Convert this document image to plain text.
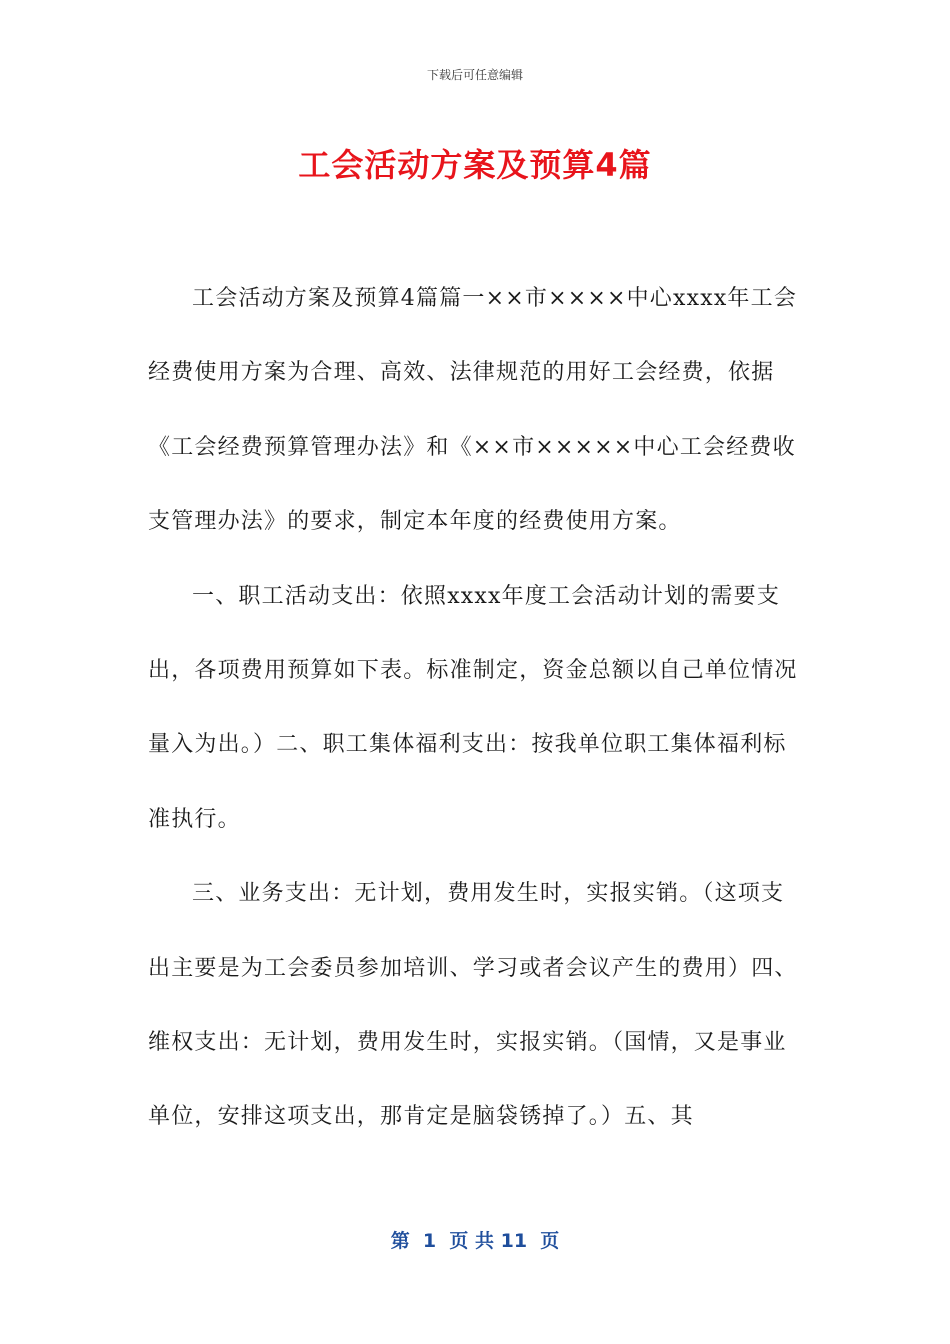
下载后可任意编辑
工会活动方案及预算4篇

工会活动方案及预算4篇篇一××市××××中心xxxx年工会经费使用方案为合理、高效、法律规范的用好工会经费，依据《工会经费预算管理办法》和《××市×××××中心工会经费收支管理办法》的要求，制定本年度的经费使用方案。

一、职工活动支出：依照xxxx年度工会活动计划的需要支出，各项费用预算如下表。标准制定，资金总额以自己单位情况量入为出。）二、职工集体福利支出：按我单位职工集体福利标准执行。

三、业务支出：无计划，费用发生时，实报实销。（这项支出主要是为工会委员参加培训、学习或者会议产生的费用）四、维权支出：无计划，费用发生时，实报实销。（国情，又是事业单位，安排这项支出，那肯定是脑袋锈掉了。）五、其

第  1  页 共 11  页
